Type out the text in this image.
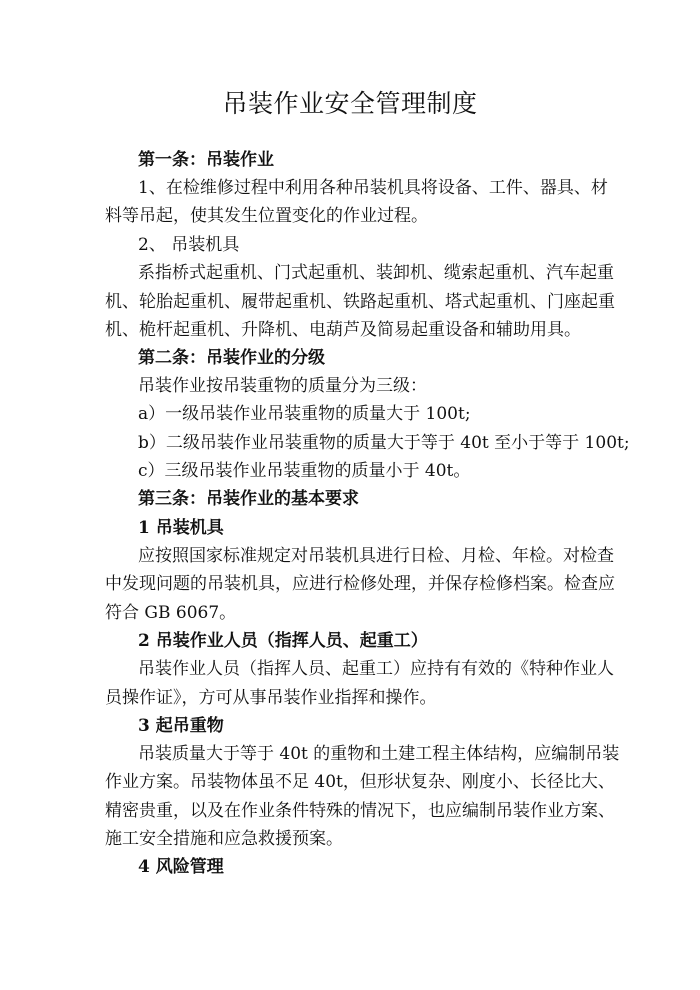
吊装作业安全管理制度
第一条：吊装作业
1、在检维修过程中利用各种吊装机具将设备、工件、器具、材
料等吊起，使其发生位置变化的作业过程。
2、 吊装机具
系指桥式起重机、门式起重机、装卸机、缆索起重机、汽车起重
机、轮胎起重机、履带起重机、铁路起重机、塔式起重机、门座起重
机、桅杆起重机、升降机、电葫芦及简易起重设备和辅助用具。
第二条：吊装作业的分级
吊装作业按吊装重物的质量分为三级：
a）一级吊装作业吊装重物的质量大于 100t;
b）二级吊装作业吊装重物的质量大于等于 40t 至小于等于 100t;
c）三级吊装作业吊装重物的质量小于 40t。
第三条：吊装作业的基本要求
1 吊装机具
应按照国家标准规定对吊装机具进行日检、月检、年检。对检查
中发现问题的吊装机具，应进行检修处理，并保存检修档案。检查应
符合 GB 6067。
2 吊装作业人员（指挥人员、起重工）
吊装作业人员（指挥人员、起重工）应持有有效的《特种作业人
员操作证》，方可从事吊装作业指挥和操作。
3 起吊重物
吊装质量大于等于 40t 的重物和土建工程主体结构，应编制吊装
作业方案。吊装物体虽不足 40t，但形状复杂、刚度小、长径比大、
精密贵重，以及在作业条件特殊的情况下，也应编制吊装作业方案、
施工安全措施和应急救援预案。
4 风险管理
